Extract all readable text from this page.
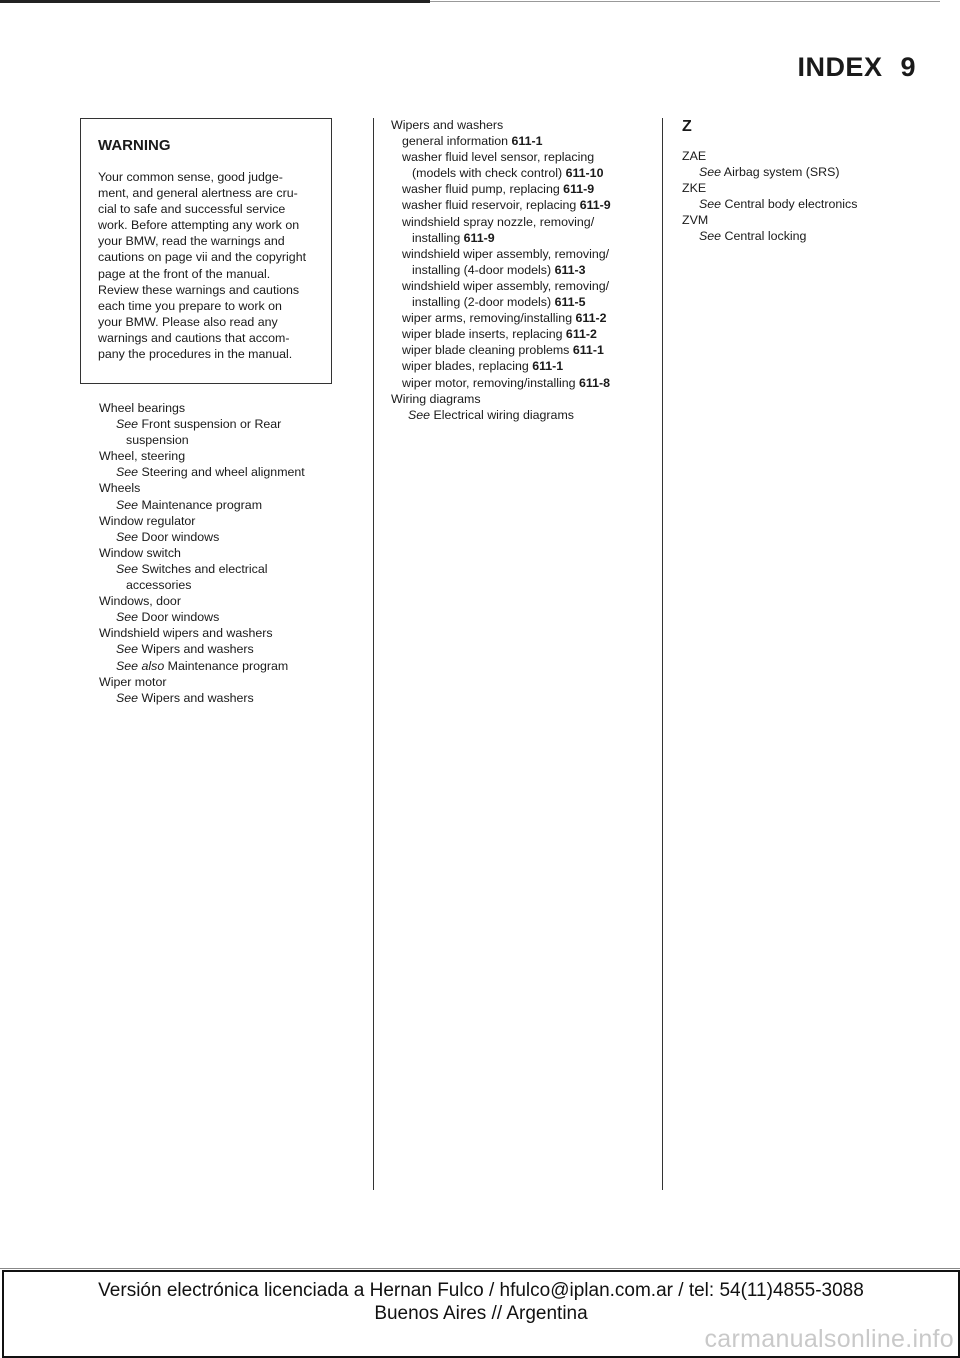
INDEX 9
WARNING
Your common sense, good judge-
ment, and general alertness are cru-
cial to safe and successful service
work. Before attempting any work on
your BMW, read the warnings and
cautions on page vii and the copyright
page at the front of the manual.
Review these warnings and cautions
each time you prepare to work on
your BMW. Please also read any
warnings and cautions that accom-
pany the procedures in the manual.
Wheel bearings
See Front suspension or Rear
suspension
Wheel, steering
See Steering and wheel alignment
Wheels
See Maintenance program
Window regulator
See Door windows
Window switch
See Switches and electrical
accessories
Windows, door
See Door windows
Windshield wipers and washers
See Wipers and washers
See also Maintenance program
Wiper motor
See Wipers and washers
Wipers and washers
general information 611-1
washer fluid level sensor, replacing
(models with check control) 611-10
washer fluid pump, replacing 611-9
washer fluid reservoir, replacing 611-9
windshield spray nozzle, removing/
installing 611-9
windshield wiper assembly, removing/
installing (4-door models) 611-3
windshield wiper assembly, removing/
installing (2-door models) 611-5
wiper arms, removing/installing 611-2
wiper blade inserts, replacing 611-2
wiper blade cleaning problems 611-1
wiper blades, replacing 611-1
wiper motor, removing/installing 611-8
Wiring diagrams
See Electrical wiring diagrams
Z
ZAE
See Airbag system (SRS)
ZKE
See Central body electronics
ZVM
See Central locking
Versión electrónica licenciada a Hernan Fulco / hfulco@iplan.com.ar / tel: 54(11)4855-3088
Buenos Aires // Argentina
carmanualsonline.info
